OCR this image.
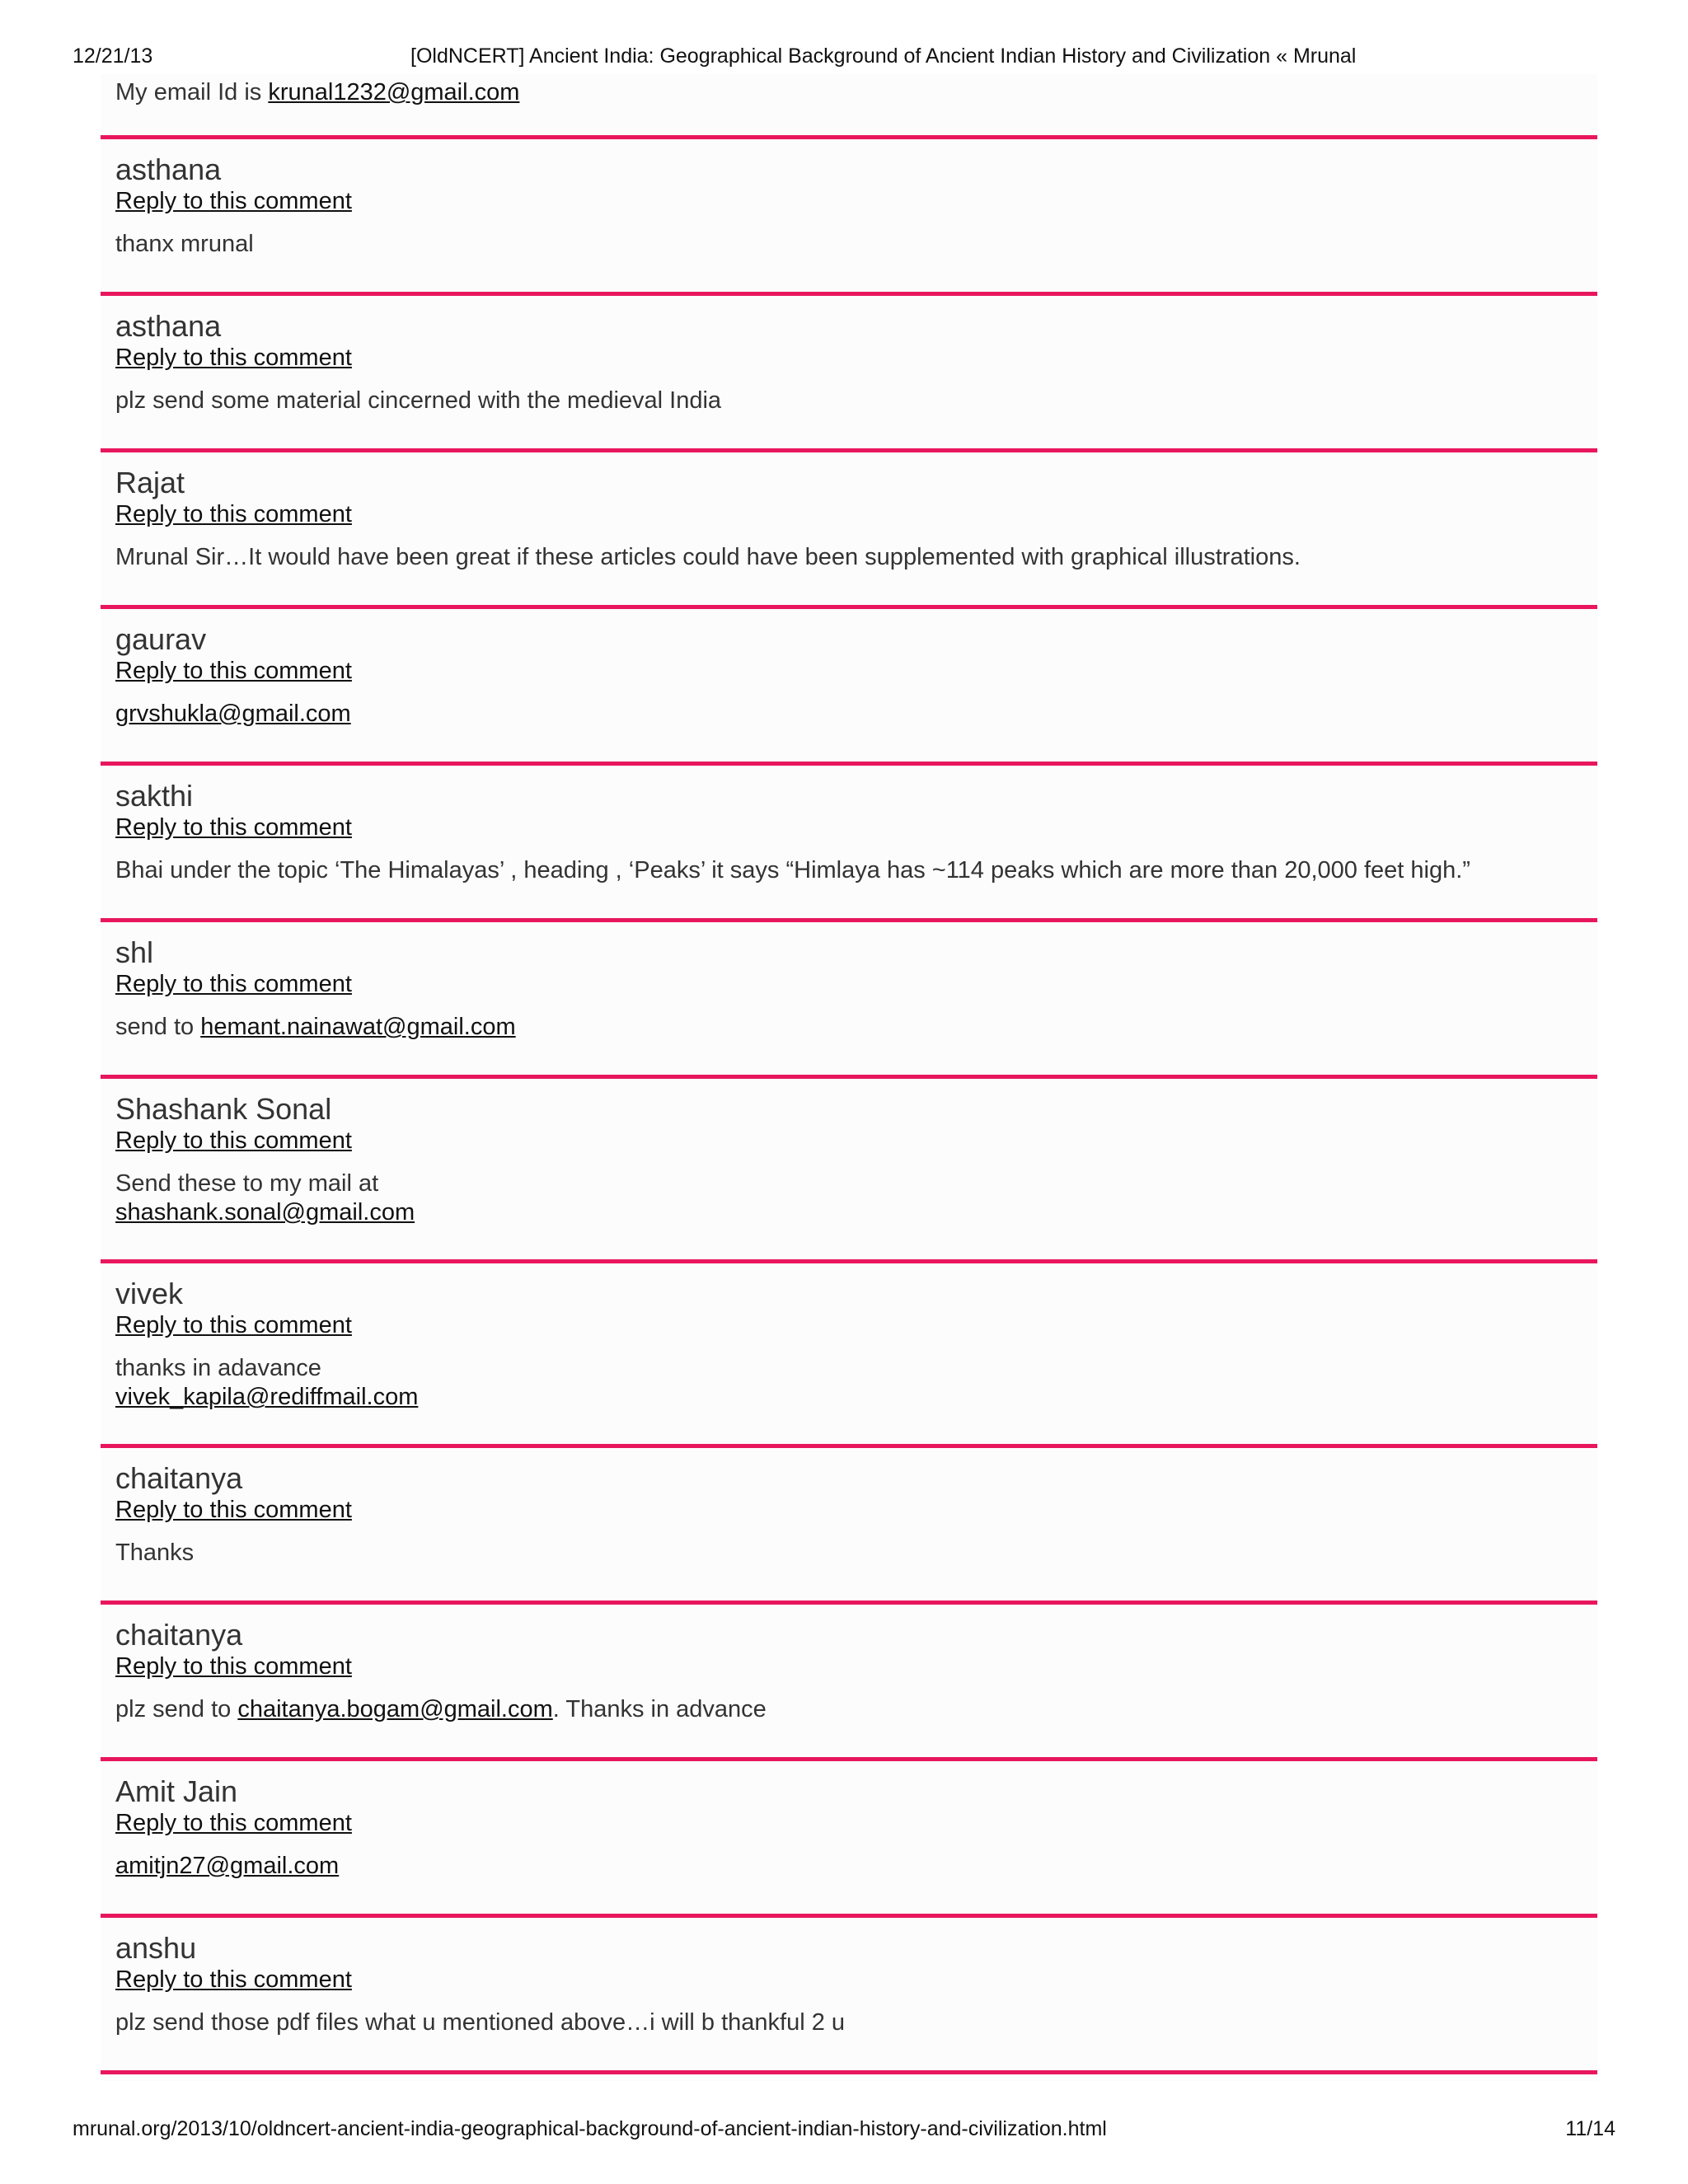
12/21/13	[OldNCERT] Ancient India: Geographical Background of Ancient Indian History and Civilization « Mrunal
My email Id is krunal1232@gmail.com
asthana
Reply to this comment
thanx mrunal
asthana
Reply to this comment
plz send some material cincerned with the medieval India
Rajat
Reply to this comment
Mrunal Sir…It would have been great if these articles could have been supplemented with graphical illustrations.
gaurav
Reply to this comment
grvshukla@gmail.com
sakthi
Reply to this comment
Bhai under the topic ‘The Himalayas’ , heading , ‘Peaks’ it says “Himlaya has ~114 peaks which are more than 20,000 feet high.”
shl
Reply to this comment
send to hemant.nainawat@gmail.com
Shashank Sonal
Reply to this comment
Send these to my mail at
shashank.sonal@gmail.com
vivek
Reply to this comment
thanks in adavance
vivek_kapila@rediffmail.com
chaitanya
Reply to this comment
Thanks
chaitanya
Reply to this comment
plz send to chaitanya.bogam@gmail.com. Thanks in advance
Amit Jain
Reply to this comment
amitjn27@gmail.com
anshu
Reply to this comment
plz send those pdf files what u mentioned above…i will b thankful 2 u
mrunal.org/2013/10/oldncert-ancient-india-geographical-background-of-ancient-indian-history-and-civilization.html	11/14
